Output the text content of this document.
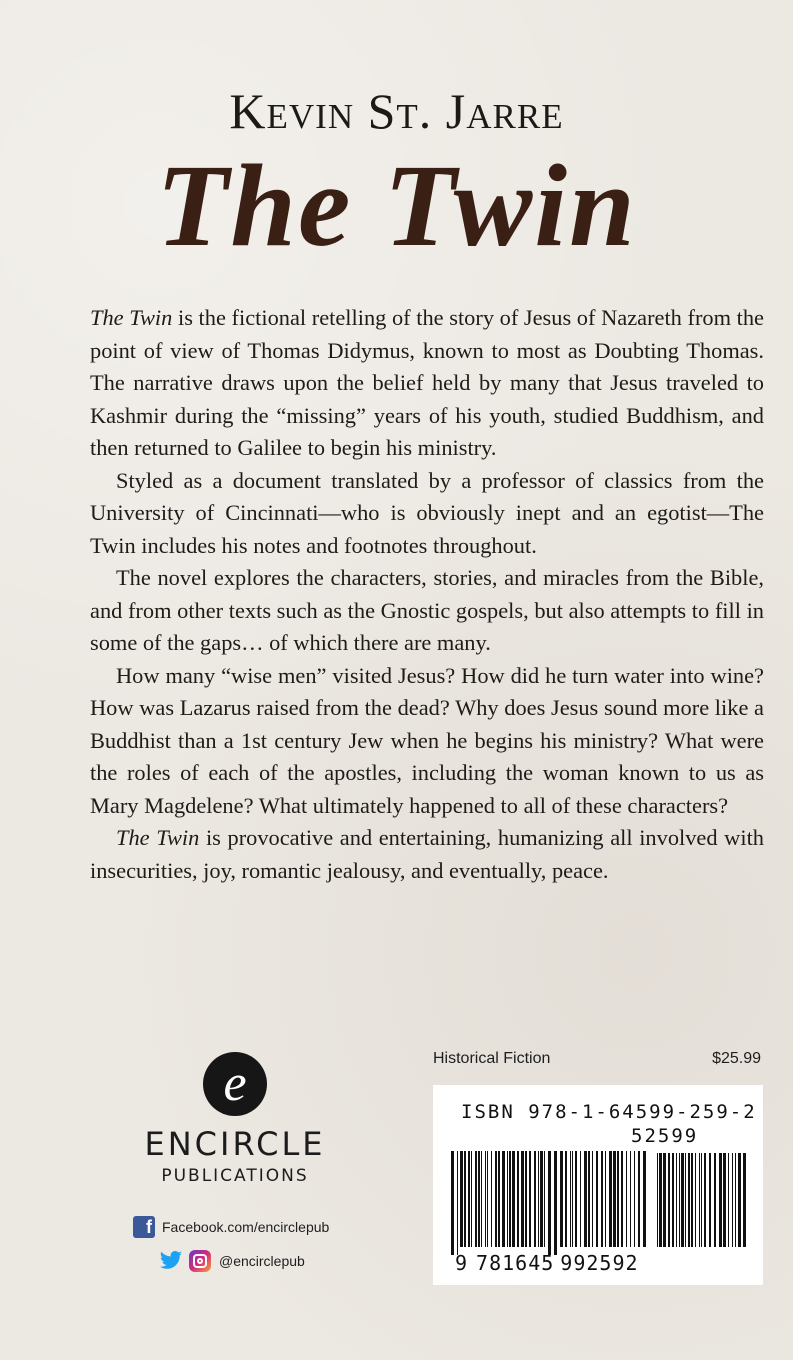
Kevin St. Jarre
The Twin

The Twin is the fictional retelling of the story of Jesus of Nazareth from the point of view of Thomas Didymus, known to most as Doubting Thomas. The narrative draws upon the belief held by many that Jesus traveled to Kashmir during the “missing” years of his youth, studied Buddhism, and then returned to Galilee to begin his ministry.

Styled as a document translated by a professor of classics from the University of Cincinnati—who is obviously inept and an egotist—The Twin includes his notes and footnotes throughout.

The novel explores the characters, stories, and miracles from the Bible, and from other texts such as the Gnostic gospels, but also attempts to fill in some of the gaps… of which there are many.

How many “wise men” visited Jesus? How did he turn water into wine? How was Lazarus raised from the dead? Why does Jesus sound more like a Buddhist than a 1st century Jew when he begins his ministry? What were the roles of each of the apostles, including the woman known to us as Mary Magdelene? What ultimately happened to all of these characters?

The Twin is provocative and entertaining, humanizing all involved with insecurities, joy, romantic jealousy, and eventually, peace.

e
ENCIRCLE
PUBLICATIONS
f Facebook.com/encirclepub
@encirclepub
Historical Fiction	$25.99
ISBN 978-1-64599-259-2
52599
9 781645 992592
